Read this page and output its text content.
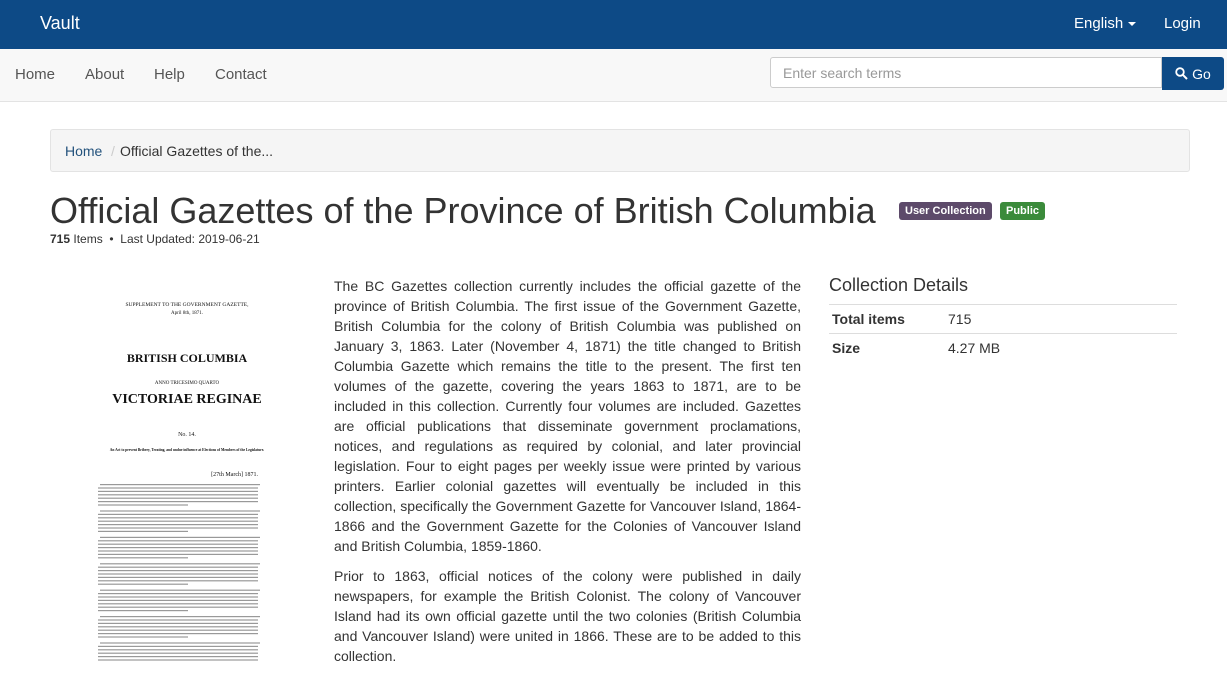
Vault	English	Login
Home About Help Contact	Search Vault
Enter search terms	Go
Home / Official Gazettes of the...
Official Gazettes of the Province of British Columbia	User Collection	Public
715 Items • Last Updated: 2019-06-21
SUPPLEMENT TO THE GOVERNMENT GAZETTE,
April 8th, 1871.
BRITISH COLUMBIA
ANNO TRICESIMO QUARTO
VICTORIAE REGINAE
No. 14.
An Act to prevent Bribery, Treating, and undue influence at Elections of Members of the Legislature.
[27th March] 1871.

The BC Gazettes collection currently includes the official gazette of the province of British Columbia. The first issue of the Government Gazette, British Columbia for the colony of British Columbia was published on January 3, 1863. Later (November 4, 1871) the title changed to British Columbia Gazette which remains the title to the present. The first ten volumes of the gazette, covering the years 1863 to 1871, are to be included in this collection. Currently four volumes are included. Gazettes are official publications that disseminate government proclamations, notices, and regulations as required by colonial, and later provincial legislation. Four to eight pages per weekly issue were printed by various printers. Earlier colonial gazettes will eventually be included in this collection, specifically the Government Gazette for Vancouver Island, 1864- 1866 and the Government Gazette for the Colonies of Vancouver Island and British Columbia, 1859-1860.

Prior to 1863, official notices of the colony were published in daily newspapers, for example the British Colonist. The colony of Vancouver Island had its own official gazette until the two colonies (British Columbia and Vancouver Island) were united in 1866. These are to be added to this collection.

Collection Details
Total items	715
Size	4.27 MB
